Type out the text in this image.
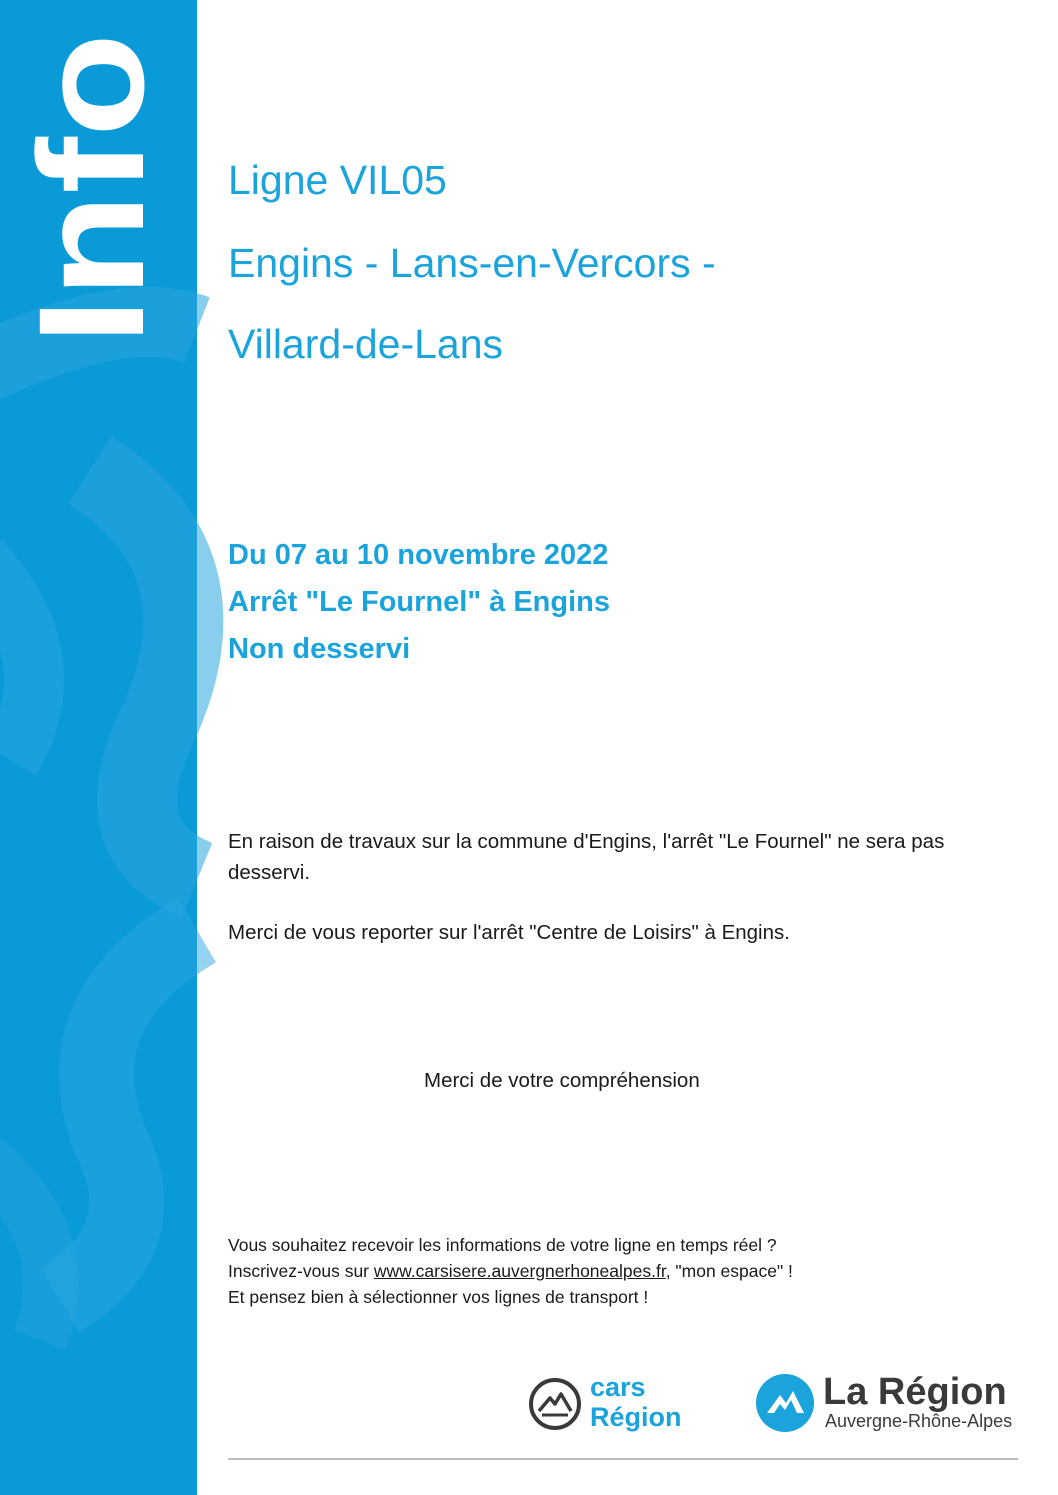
Info Ligne VIL05
Engins - Lans-en-Vercors -
Villard-de-Lans
Du 07 au 10 novembre 2022
Arrêt "Le Fournel" à Engins
Non desservi
En raison de travaux sur la commune d'Engins, l'arrêt "Le Fournel" ne sera pas desservi.
Merci de vous reporter sur l'arrêt "Centre de Loisirs" à Engins.
Merci de votre compréhension
Vous souhaitez recevoir les informations de votre ligne en temps réel ?
Inscrivez-vous sur www.carsisere.auvergnerhonealpes.fr, "mon espace" !
Et pensez bien à sélectionner vos lignes de transport !
cars
Région
La Région
Auvergne-Rhône-Alpes
